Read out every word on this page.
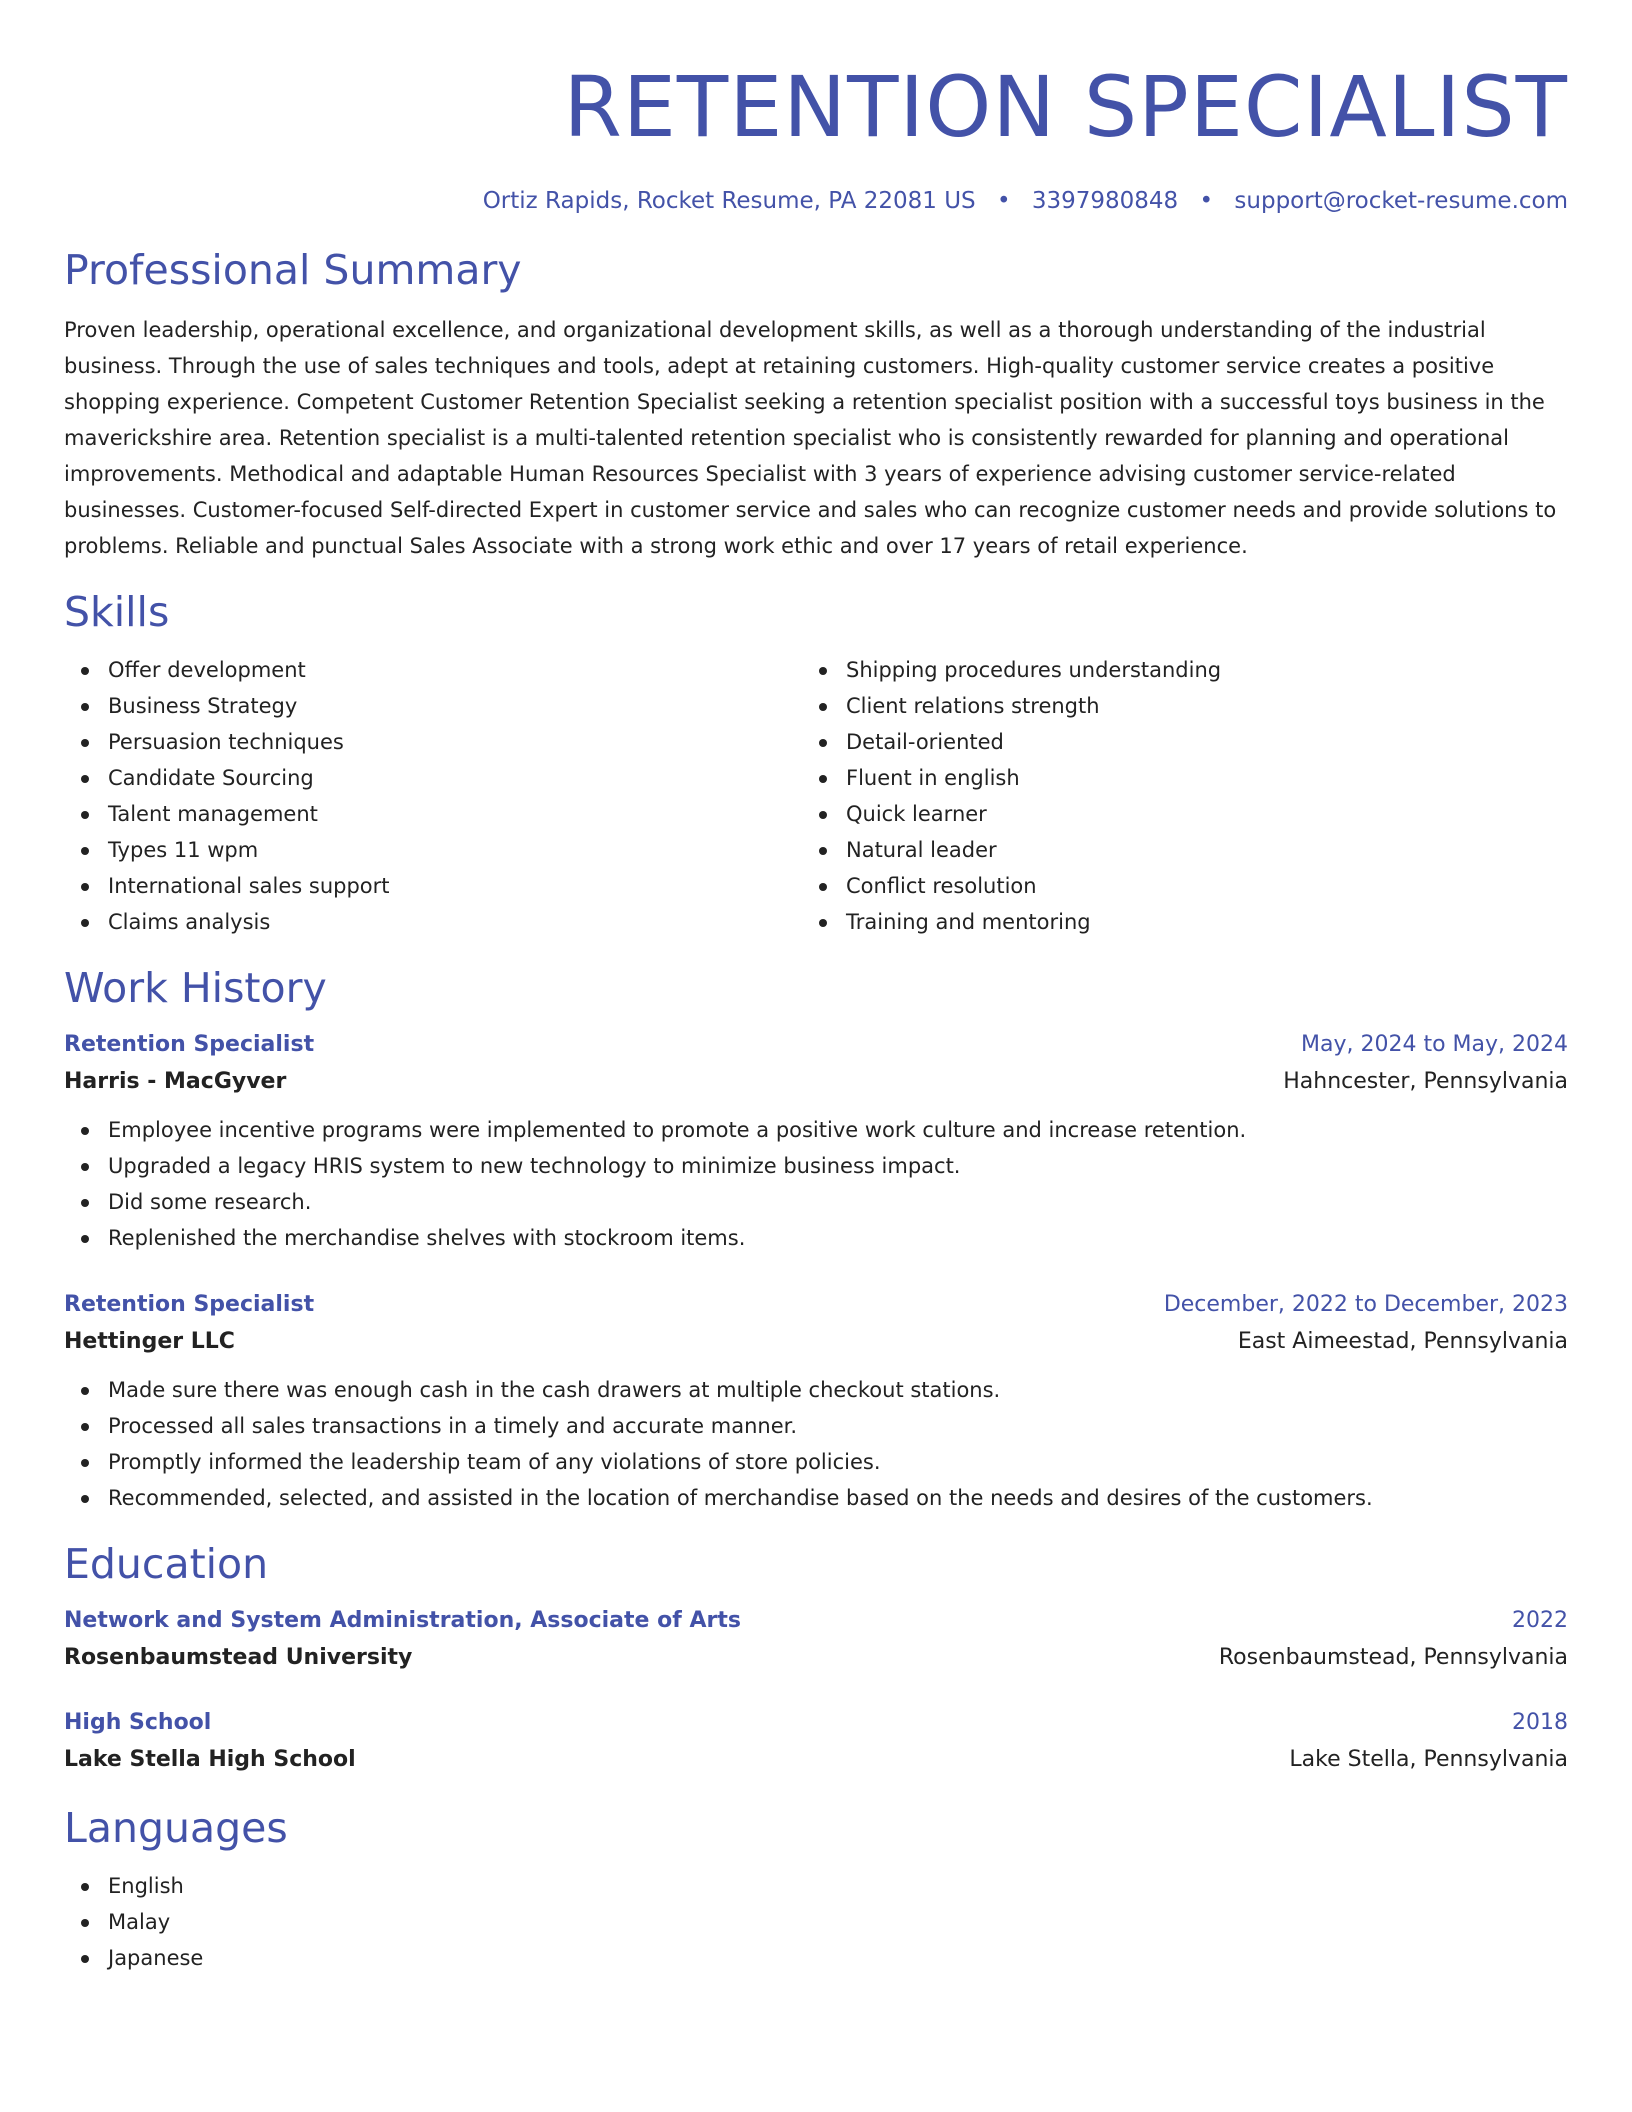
RETENTION SPECIALIST
Ortiz Rapids, Rocket Resume, PA 22081 US • 3397980848 • support@rocket-resume.com
Professional Summary

Proven leadership, operational excellence, and organizational development skills, as well as a thorough understanding of the industrial business. Through the use of sales techniques and tools, adept at retaining customers. High-quality customer service creates a positive shopping experience. Competent Customer Retention Specialist seeking a retention specialist position with a successful toys business in the maverickshire area. Retention specialist is a multi-talented retention specialist who is consistently rewarded for planning and operational improvements. Methodical and adaptable Human Resources Specialist with 3 years of experience advising customer service-related businesses. Customer-focused Self-directed Expert in customer service and sales who can recognize customer needs and provide solutions to problems. Reliable and punctual Sales Associate with a strong work ethic and over 17 years of retail experience.

Skills
Offer development
Business Strategy
Persuasion techniques
Candidate Sourcing
Talent management
Types 11 wpm
International sales support
Claims analysis
Shipping procedures understanding
Client relations strength
Detail-oriented
Fluent in english
Quick learner
Natural leader
Conflict resolution
Training and mentoring
Work History
Retention Specialist	May, 2024 to May, 2024
Harris - MacGyver	Hahncester, Pennsylvania
Employee incentive programs were implemented to promote a positive work culture and increase retention.
Upgraded a legacy HRIS system to new technology to minimize business impact.
Did some research.
Replenished the merchandise shelves with stockroom items.
Retention Specialist	December, 2022 to December, 2023
Hettinger LLC	East Aimeestad, Pennsylvania
Made sure there was enough cash in the cash drawers at multiple checkout stations.
Processed all sales transactions in a timely and accurate manner.
Promptly informed the leadership team of any violations of store policies.
Recommended, selected, and assisted in the location of merchandise based on the needs and desires of the customers.
Education
Network and System Administration, Associate of Arts	2022
Rosenbaumstead University	Rosenbaumstead, Pennsylvania
High School	2018
Lake Stella High School	Lake Stella, Pennsylvania
Languages
English
Malay
Japanese
